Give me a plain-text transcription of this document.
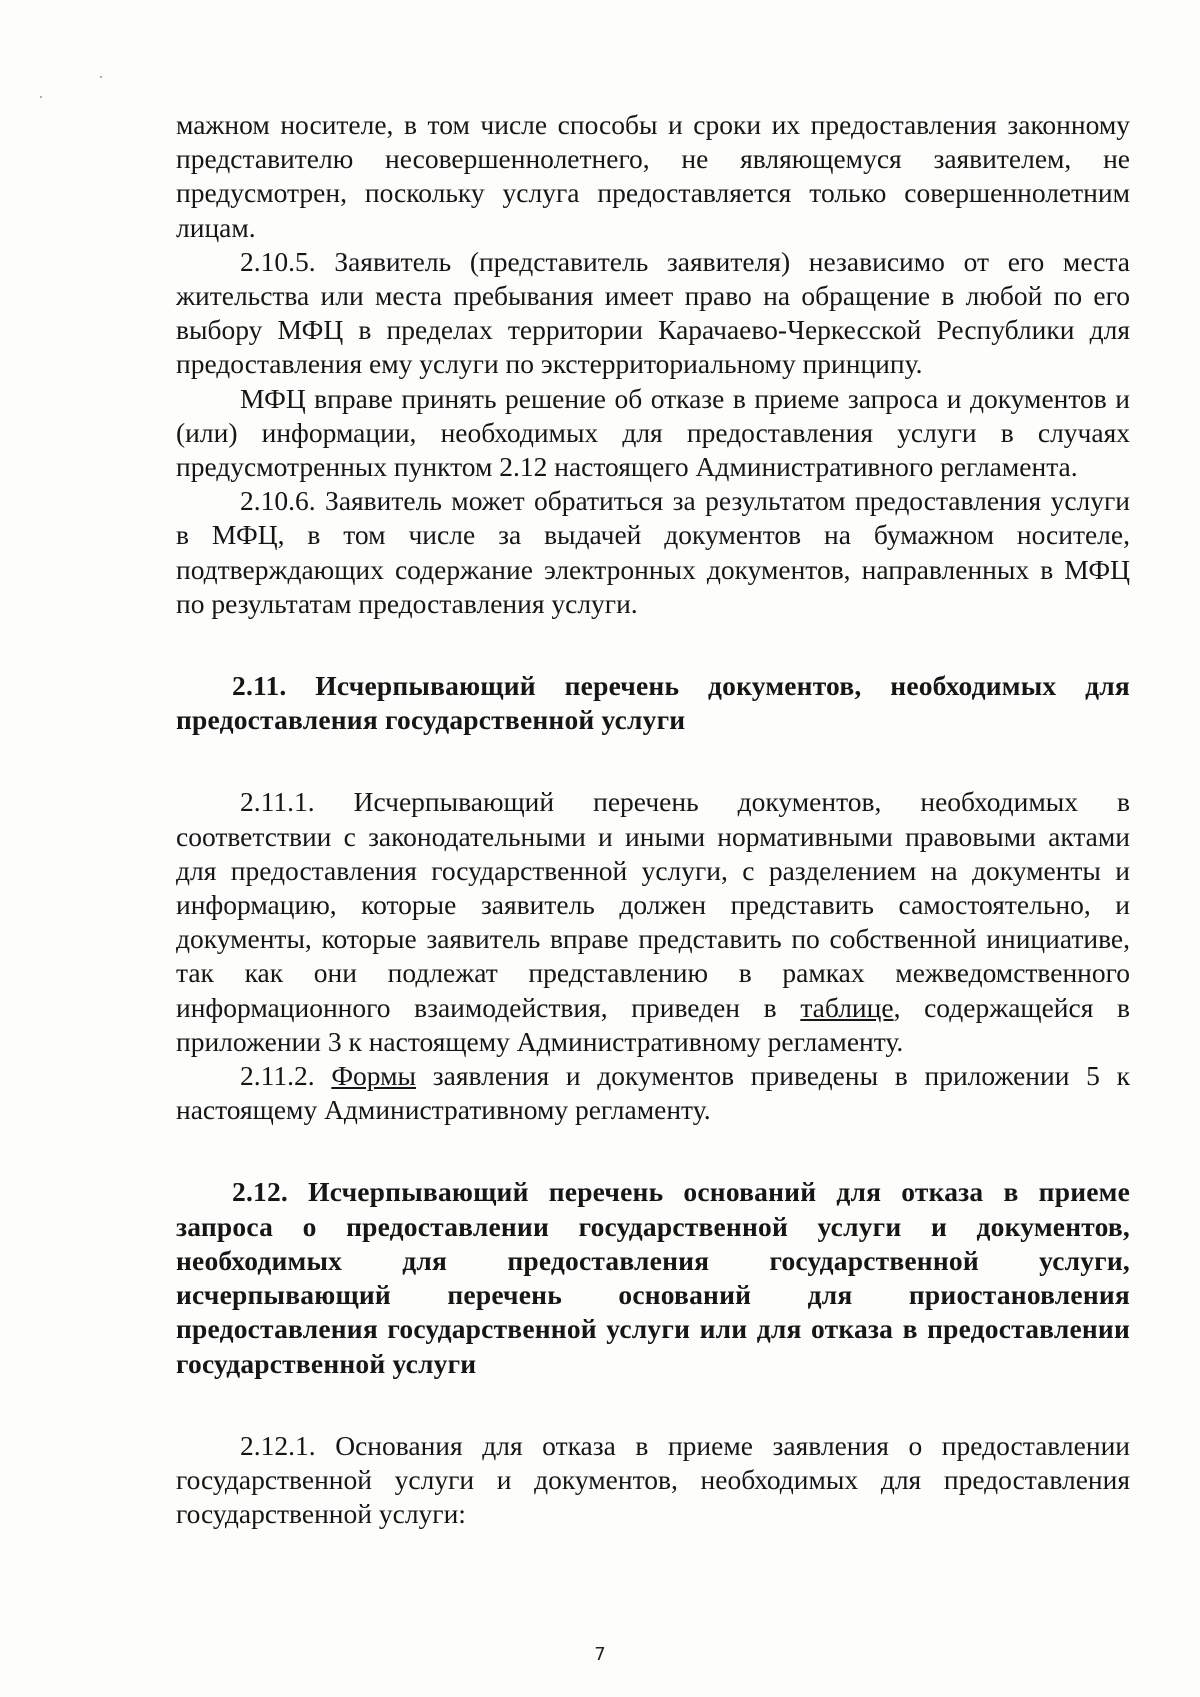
мажном носителе, в том числе способы и сроки их предоставления законному представителю несовершеннолетнего, не являющемуся заявителем, не предусмотрен, поскольку услуга предоставляется только совершеннолетним лицам.

2.10.5. Заявитель (представитель заявителя) независимо от его места жительства или места пребывания имеет право на обращение в любой по его выбору МФЦ в пределах территории Карачаево-Черкесской Республики для предоставления ему услуги по экстерриториальному принципу.

МФЦ вправе принять решение об отказе в приеме запроса и документов и (или) информации, необходимых для предоставления услуги в случаях предусмотренных пунктом 2.12 настоящего Административного регламента.

2.10.6. Заявитель может обратиться за результатом предоставления услуги в МФЦ, в том числе за выдачей документов на бумажном носителе, подтверждающих содержание электронных документов, направленных в МФЦ по результатам предоставления услуги.

2.11. Исчерпывающий перечень документов, необходимых для предоставления государственной услуги

2.11.1. Исчерпывающий перечень документов, необходимых в соответствии с законодательными и иными нормативными правовыми актами для предоставления государственной услуги, с разделением на документы и информацию, которые заявитель должен представить самостоятельно, и документы, которые заявитель вправе представить по собственной инициативе, так как они подлежат представлению в рамках межведомственного информационного взаимодействия, приведен в таблице, содержащейся в приложении 3 к настоящему Административному регламенту.

2.11.2. Формы заявления и документов приведены в приложении 5 к настоящему Административному регламенту.

2.12. Исчерпывающий перечень оснований для отказа в приеме запроса о предоставлении государственной услуги и документов, необходимых для предоставления государственной услуги, исчерпывающий перечень оснований для приостановления предоставления государственной услуги или для отказа в предоставлении государственной услуги

2.12.1. Основания для отказа в приеме заявления о предоставлении государственной услуги и документов, необходимых для предоставления государственной услуги:

7
